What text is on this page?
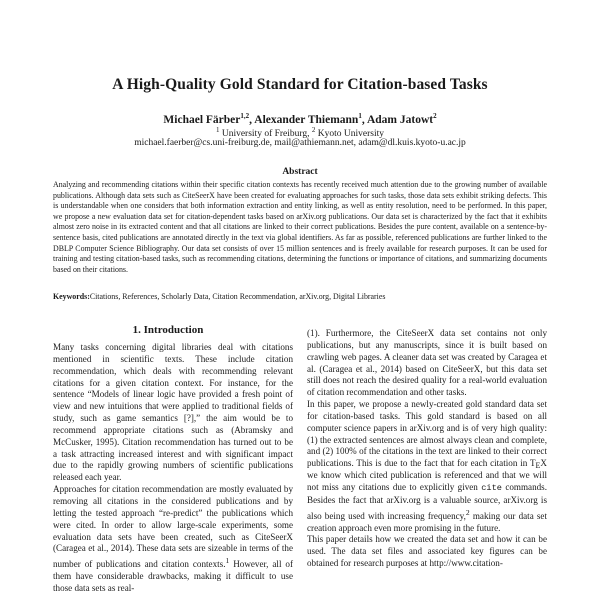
A High-Quality Gold Standard for Citation-based Tasks
Michael Färber$^{1,2}$, Alexander Thiemann$^1$, Adam Jatowt$^2$
$^1$ University of Freiburg, $^2$ Kyoto University
michael.faerber@cs.uni-freiburg.de, mail@athiemann.net, adam@dl.kuis.kyoto-u.ac.jp
Abstract

Analyzing and recommending citations within their specific citation contexts has recently received much attention due to the growing number of available publications. Although data sets such as CiteSeerX have been created for evaluating approaches for such tasks, those data sets exhibit striking defects. This is understandable when one considers that both information extraction and entity linking, as well as entity resolution, need to be performed. In this paper, we propose a new evaluation data set for citation-dependent tasks based on arXiv.org publications. Our data set is characterized by the fact that it exhibits almost zero noise in its extracted content and that all citations are linked to their correct publications. Besides the pure content, available on a sentence-by-sentence basis, cited publications are annotated directly in the text via global identifiers. As far as possible, referenced publications are further linked to the DBLP Computer Science Bibliography. Our data set consists of over 15 million sentences and is freely available for research purposes. It can be used for training and testing citation-based tasks, such as recommending citations, determining the functions or importance of citations, and summarizing documents based on their citations.

Keywords:Citations, References, Scholarly Data, Citation Recommendation, arXiv.org, Digital Libraries

1. Introduction

Many tasks concerning digital libraries deal with citations mentioned in scientific texts. These include citation recommendation, which deals with recommending relevant citations for a given citation context. For instance, for the sentence “Models of linear logic have provided a fresh point of view and new intuitions that were applied to traditional fields of study, such as game semantics [?],” the aim would be to recommend appropriate citations such as (Abramsky and McCusker, 1995). Citation recommendation has turned out to be a task attracting increased interest and with significant impact due to the rapidly growing numbers of scientific publications released each year.

Approaches for citation recommendation are mostly evaluated by removing all citations in the considered publications and by letting the tested approach “re-predict” the publications which were cited. In order to allow large-scale experiments, some evaluation data sets have been created, such as CiteSeerX (Caragea et al., 2014). These data sets are sizeable in terms of the number of publications and citation contexts.$^1$ However, all of them have considerable drawbacks, making it difficult to use those data sets as real-

(1). Furthermore, the CiteSeerX data set contains not only publications, but any manuscripts, since it is built based on crawling web pages. A cleaner data set was created by Caragea et al. (Caragea et al., 2014) based on CiteSeerX, but this data set still does not reach the desired quality for a real-world evaluation of citation recommendation and other tasks.

In this paper, we propose a newly-created gold standard data set for citation-based tasks. This gold standard is based on all computer science papers in arXiv.org and is of very high quality: (1) the extracted sentences are almost always clean and complete, and (2) 100% of the citations in the text are linked to their correct publications. This is due to the fact that for each citation in TEX we know which cited publication is referenced and that we will not miss any citations due to explicitly given cite commands. Besides the fact that arXiv.org is a valuable source, arXiv.org is also being used with increasing frequency,$^2$ making our data set creation approach even more promising in the future.

This paper details how we created the data set and how it can be used. The data set files and associated key figures can be obtained for research purposes at http://www.citation-
